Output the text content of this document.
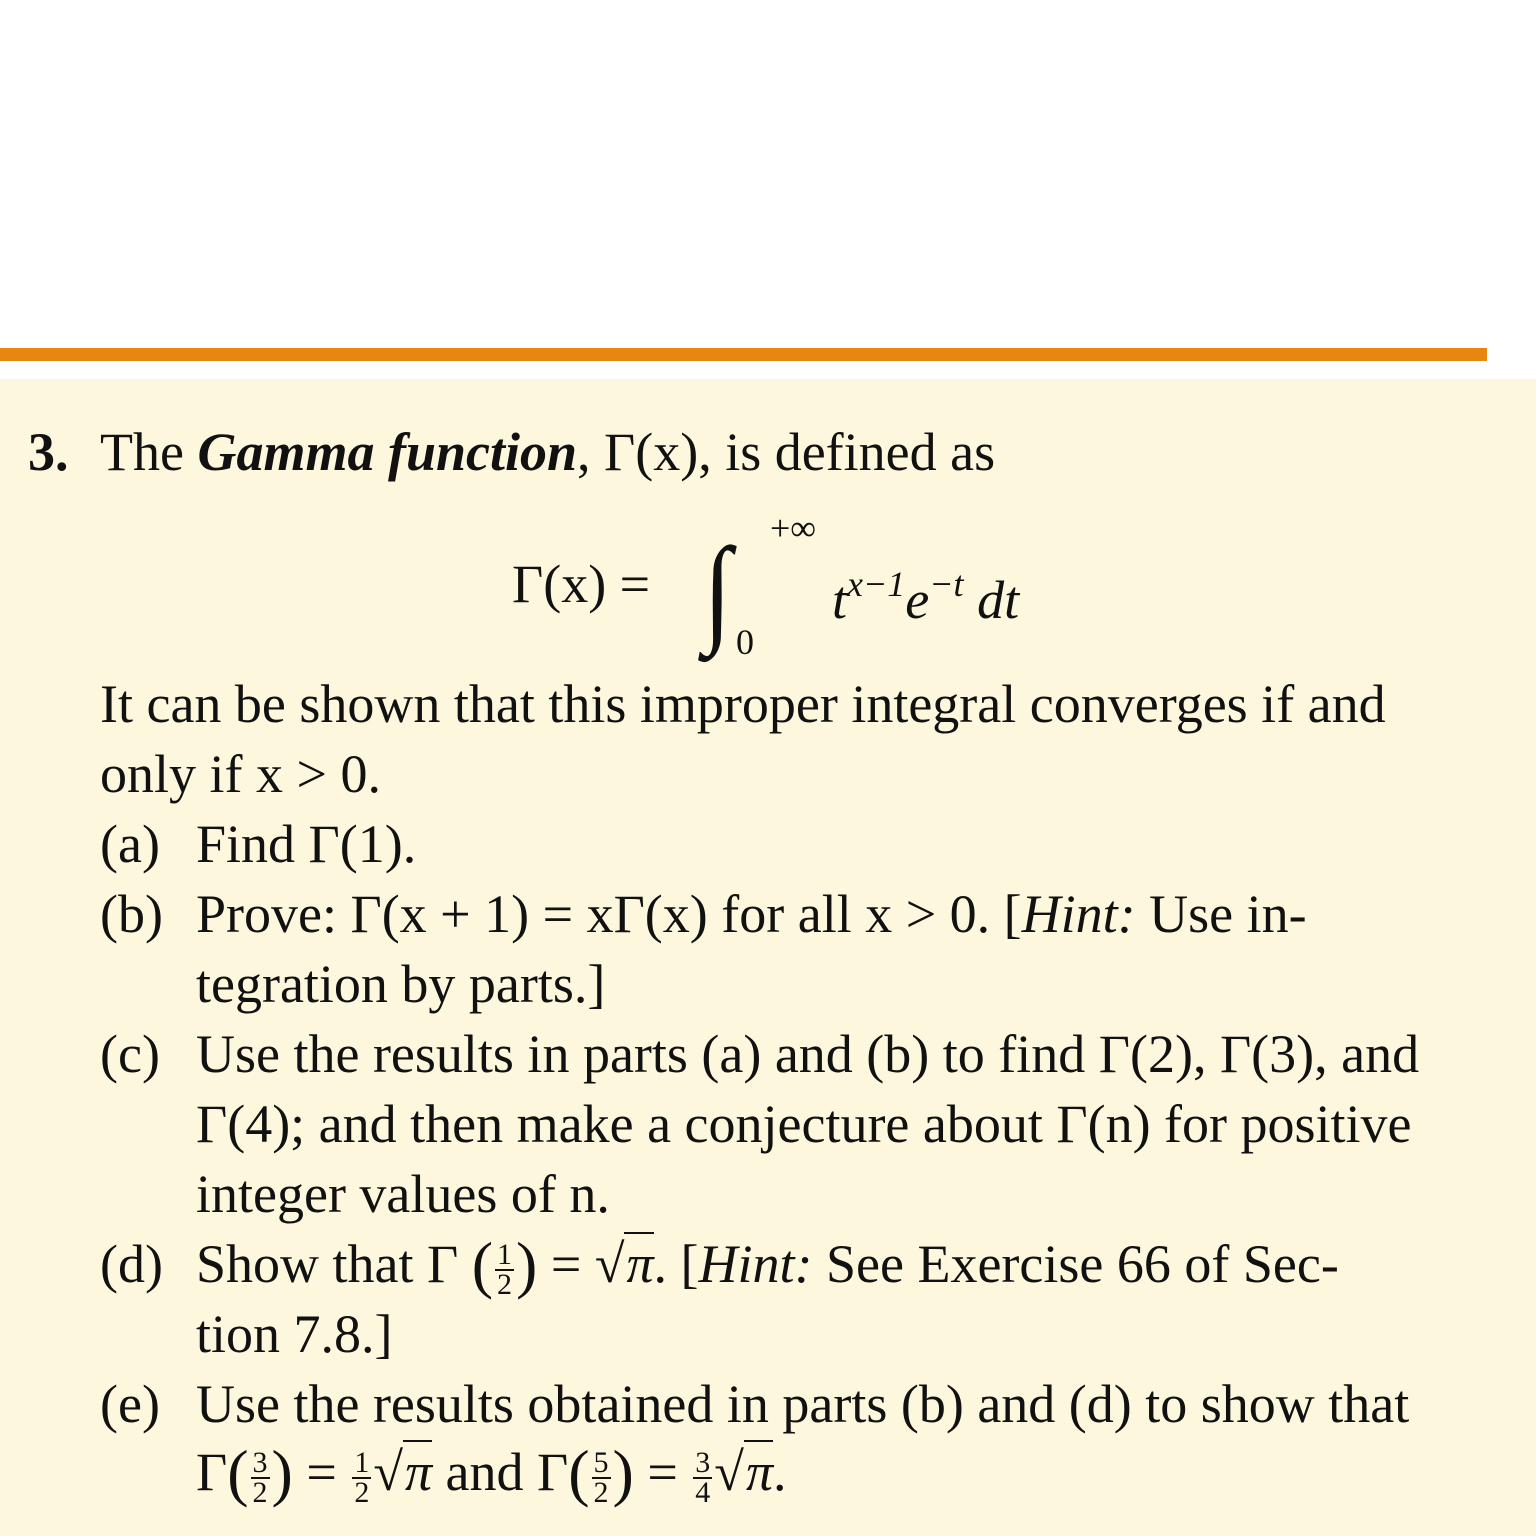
3. The Gamma function, Γ(x), is defined as
Γ(x) = ∫ +∞
0
$t^{x-1}e^{-t}$ dt
It can be shown that this improper integral converges if and
only if x > 0.
(a) Find Γ(1).
(b) Prove: Γ(x + 1) = xΓ(x) for all x > 0. [Hint: Use in-
tegration by parts.]
(c) Use the results in parts (a) and (b) to find Γ(2), Γ(3), and
Γ(4); and then make a conjecture about Γ(n) for positive
integer values of n.
(d) Show that Γ ( $\frac{1}{2}$ ) = √π. [Hint: See Exercise 66 of Sec-
tion 7.8.]
(e) Use the results obtained in parts (b) and (d) to show that
$\Gamma( \frac{3}{2}$ ) = $\frac{1}{2} √\pi$ and $\Gamma( \frac{5}{2}$ ) = $\frac{3}{4} √\pi$.
